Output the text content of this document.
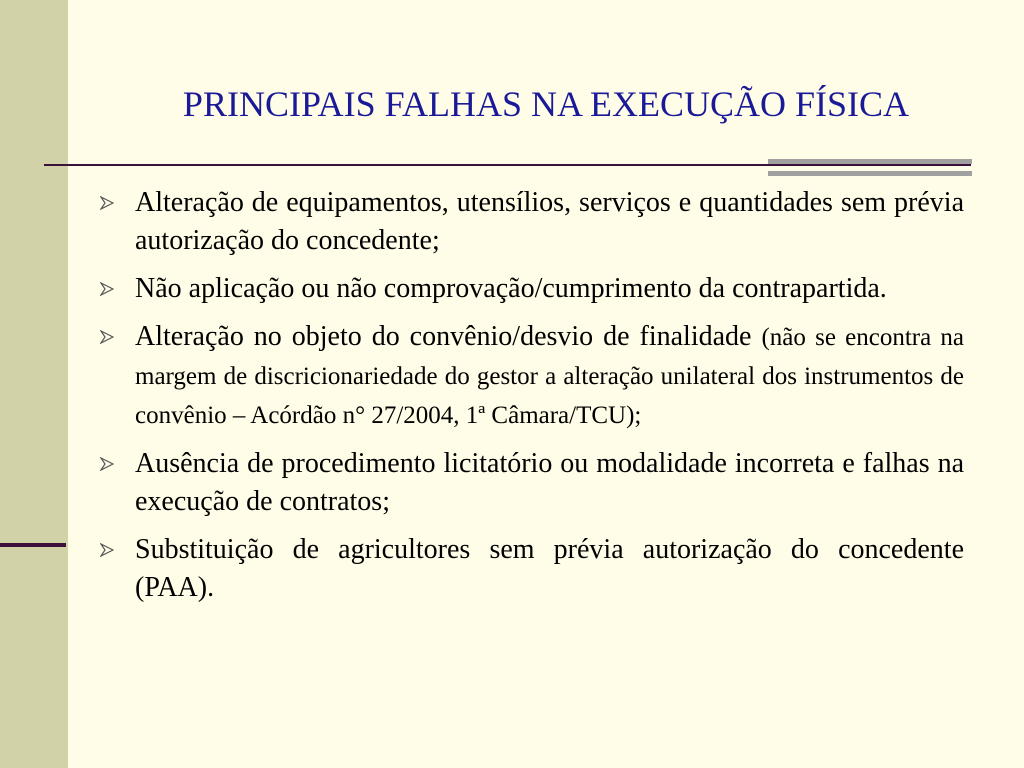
PRINCIPAIS FALHAS NA EXECUÇÃO FÍSICA
Alteração de equipamentos, utensílios, serviços e quantidades sem prévia autorização do concedente;
Não aplicação ou não comprovação/cumprimento da contrapartida.
Alteração no objeto do convênio/desvio de finalidade (não se encontra na margem de discricionariedade do gestor a alteração unilateral dos instrumentos de convênio – Acórdão n° 27/2004, 1ª Câmara/TCU);
Ausência de procedimento licitatório ou modalidade incorreta e falhas na execução de contratos;
Substituição de agricultores sem prévia autorização do concedente (PAA).
